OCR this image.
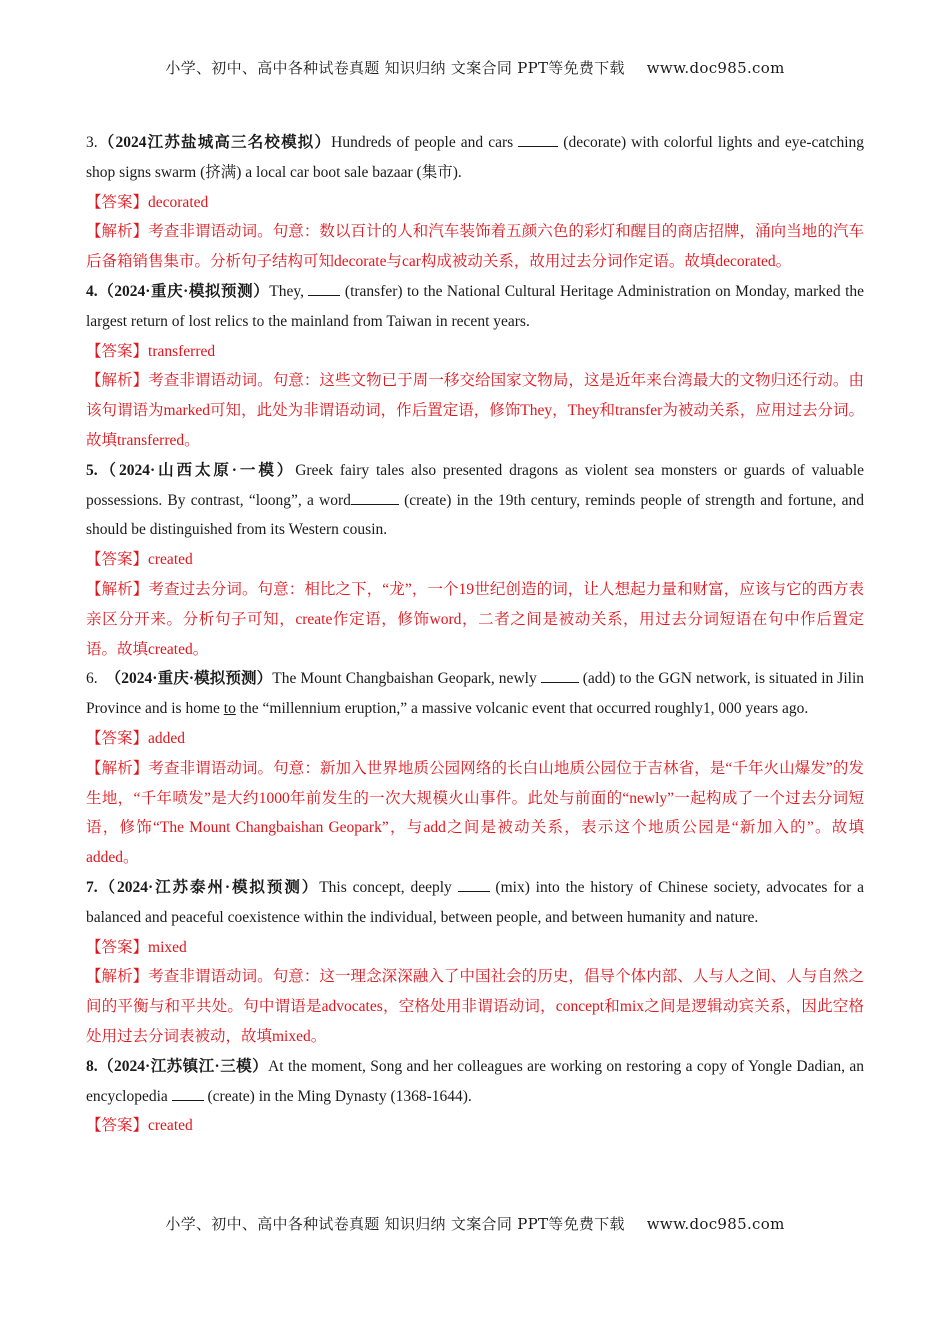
小学、初中、高中各种试卷真题 知识归纳 文案合同 PPT等免费下载 www.doc985.com

3.（2024江苏盐城高三名校模拟）Hundreds of people and cars	(decorate) with colorful lights and eye-catching shop signs swarm (挤满) a local car boot sale bazaar (集市).

【答案】decorated

【解析】考查非谓语动词。句意：数以百计的人和汽车装饰着五颜六色的彩灯和醒目的商店招牌，涌向当地的汽车后备箱销售集市。分析句子结构可知decorate与car构成被动关系，故用过去分词作定语。故填decorated。

4.（2024·重庆·模拟预测）They,  (transfer) to the National Cultural Heritage Administration on Monday, marked the largest return of lost relics to the mainland from Taiwan in recent years.

【答案】transferred

【解析】考查非谓语动词。句意：这些文物已于周一移交给国家文物局，这是近年来台湾最大的文物归还行动。由该句谓语为marked可知，此处为非谓语动词，作后置定语，修饰They，They和transfer为被动关系，应用过去分词。故填transferred。

5.（2024·山西太原·一模）Greek fairy tales also presented dragons as violent sea monsters or guards of valuable possessions. By contrast, “loong”, a word	(create) in the 19th century, reminds people of strength and fortune, and should be distinguished from its Western cousin.

【答案】created

【解析】考查过去分词。句意：相比之下，“龙”，一个19世纪创造的词，让人想起力量和财富，应该与它的西方表亲区分开来。分析句子可知，create作定语，修饰word，二者之间是被动关系，用过去分词短语在句中作后置定语。故填created。

6. （2024·重庆·模拟预测）The Mount Changbaishan Geopark, newly  (add) to the GGN network, is situated in Jilin Province and is home to the “millennium eruption,” a massive volcanic event that occurred roughly1, 000 years ago.

【答案】added

【解析】考查非谓语动词。句意：新加入世界地质公园网络的长白山地质公园位于吉林省，是“千年火山爆发”的发生地，“千年喷发”是大约1000年前发生的一次大规模火山事件。此处与前面的“newly”一起构成了一个过去分词短语，修饰“The Mount Changbaishan Geopark”，与add之间是被动关系，表示这个地质公园是“新加入的”。故填added。

7.（2024·江苏泰州·模拟预测）This concept, deeply  (mix) into the history of Chinese society, advocates for a balanced and peaceful coexistence within the individual, between people, and between humanity and nature.

【答案】mixed

【解析】考查非谓语动词。句意：这一理念深深融入了中国社会的历史，倡导个体内部、人与人之间、人与自然之间的平衡与和平共处。句中谓语是advocates，空格处用非谓语动词，concept和mix之间是逻辑动宾关系，因此空格处用过去分词表被动，故填mixed。

8.（2024·江苏镇江·三模）At the moment, Song and her colleagues are working on restoring a copy of Yongle Dadian, an encyclopedia  (create) in the Ming Dynasty (1368-1644).

【答案】created

小学、初中、高中各种试卷真题 知识归纳 文案合同 PPT等免费下载 www.doc985.com
